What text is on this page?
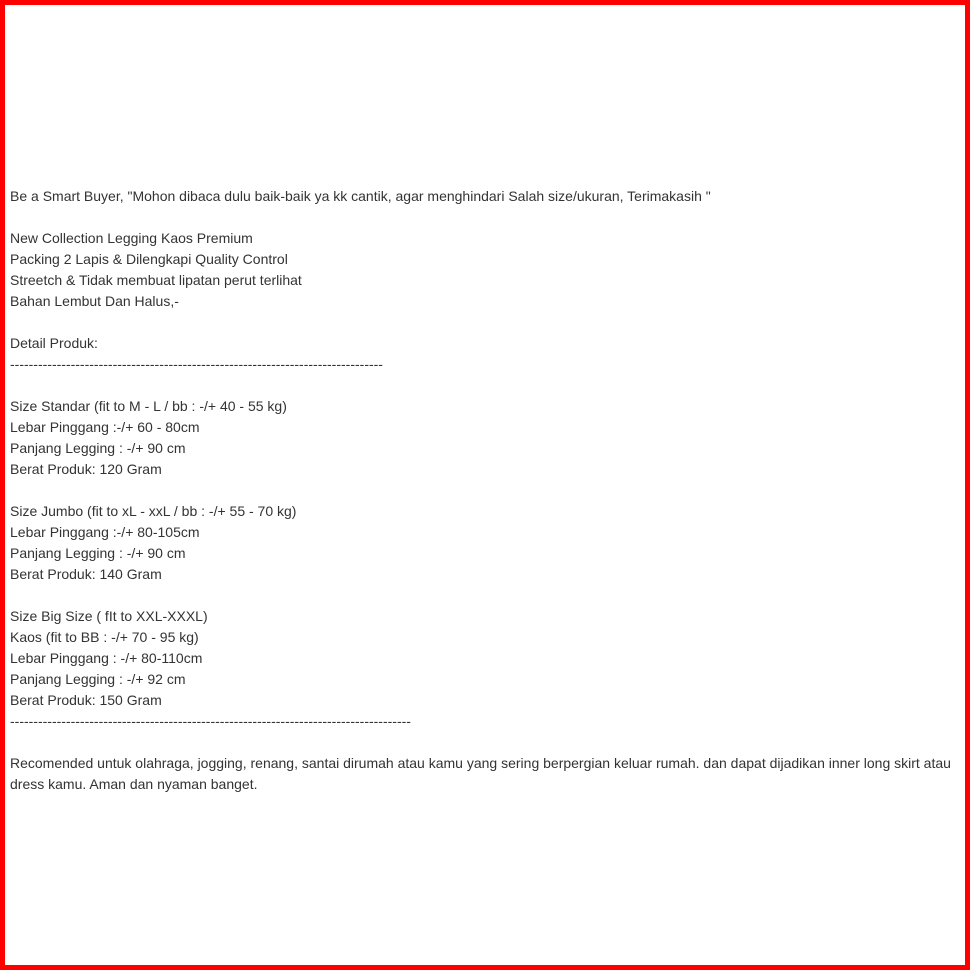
Be a Smart Buyer, "Mohon dibaca dulu baik-baik ya kk cantik, agar menghindari Salah size/ukuran, Terimakasih "
New Collection Legging Kaos Premium
Packing 2 Lapis & Dilengkapi Quality Control
Streetch & Tidak membuat lipatan perut terlihat
Bahan Lembut Dan Halus,-
Detail Produk:
--------------------------------------------------------------------------------
Size Standar (fit to M - L / bb : -/+ 40 - 55 kg)
Lebar Pinggang :-/+ 60 - 80cm
Panjang Legging : -/+ 90 cm
Berat Produk: 120 Gram
Size Jumbo (fit to xL - xxL / bb : -/+ 55 - 70 kg)
Lebar Pinggang :-/+ 80-105cm
Panjang Legging : -/+ 90 cm
Berat Produk: 140 Gram
Size Big Size ( fIt to XXL-XXXL)
Kaos (fit to BB : -/+ 70 - 95 kg)
Lebar Pinggang : -/+ 80-110cm
Panjang Legging : -/+ 92 cm
Berat Produk: 150 Gram
--------------------------------------------------------------------------------------
Recomended untuk olahraga, jogging, renang, santai dirumah atau kamu yang sering berpergian keluar rumah. dan dapat dijadikan inner long skirt atau dress kamu. Aman dan nyaman banget.
